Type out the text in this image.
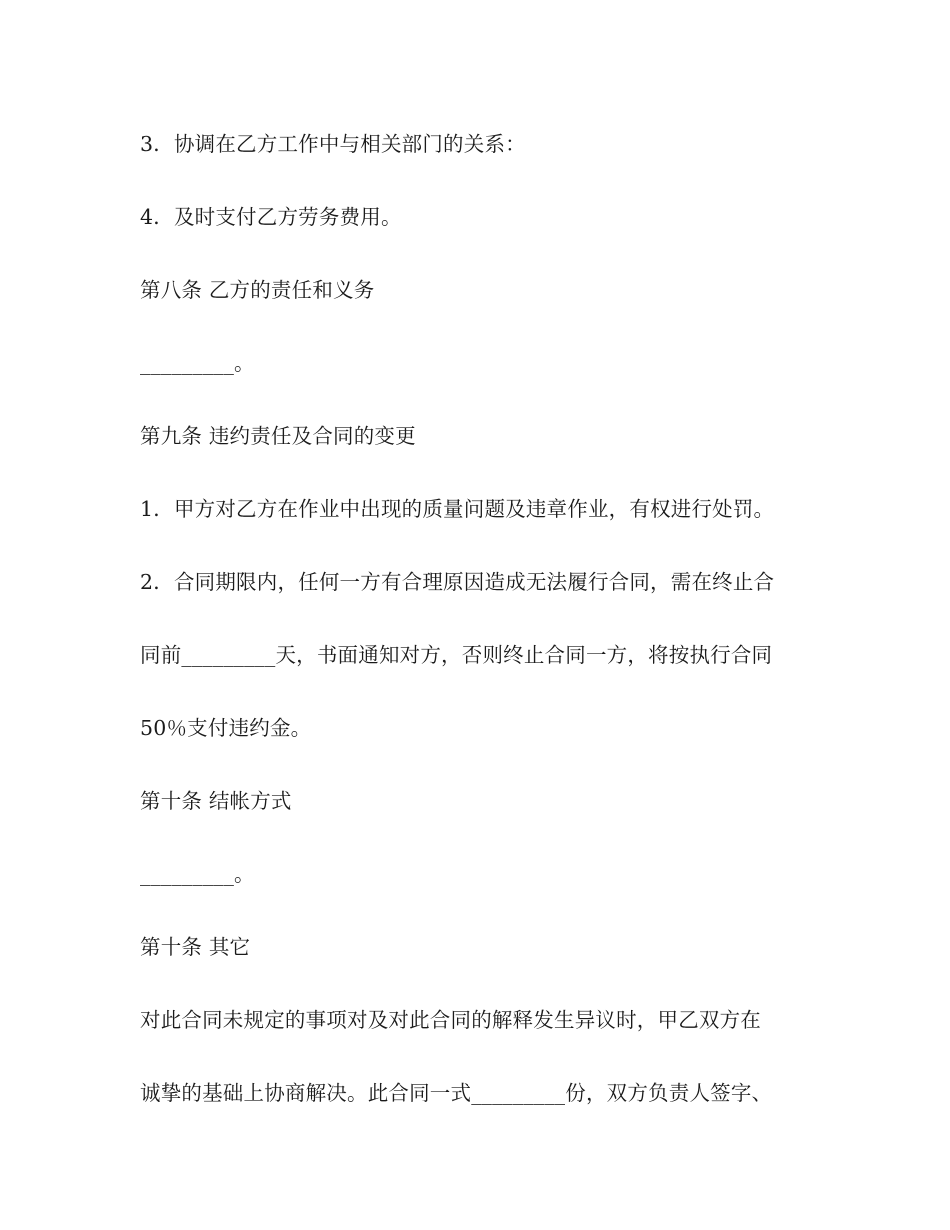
3．协调在乙方工作中与相关部门的关系：
4．及时支付乙方劳务费用。
第八条 乙方的责任和义务
_________。
第九条 违约责任及合同的变更
1．甲方对乙方在作业中出现的质量问题及违章作业，有权进行处罚。
2．合同期限内，任何一方有合理原因造成无法履行合同，需在终止合
同前_________天，书面通知对方，否则终止合同一方，将按执行合同
50％支付违约金。
第十条 结帐方式
_________。
第十条 其它
对此合同未规定的事项对及对此合同的解释发生异议时，甲乙双方在
诚挚的基础上协商解决。此合同一式_________份，双方负责人签字、
